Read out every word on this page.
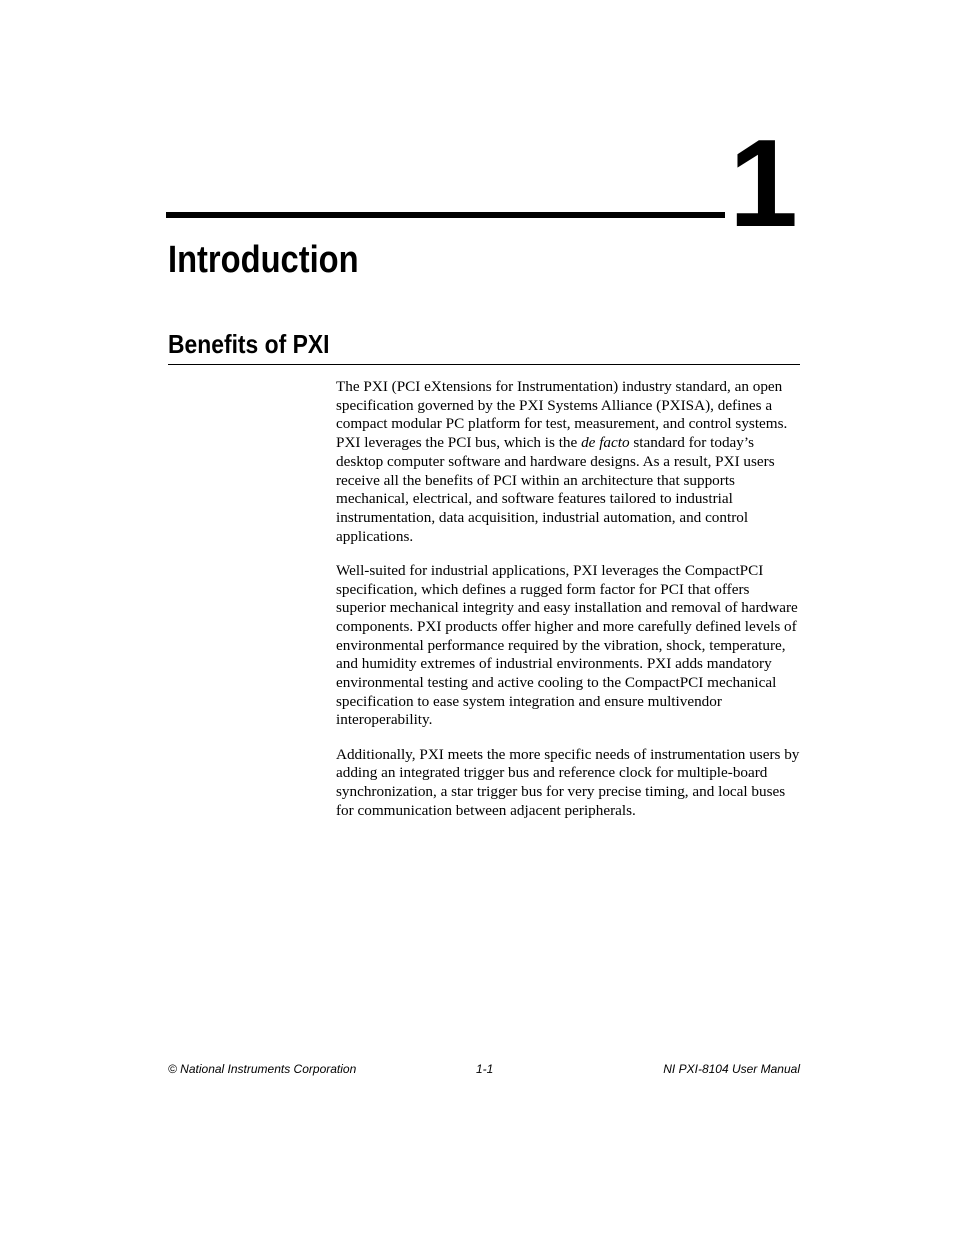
1
Introduction
Benefits of PXI

The PXI (PCI eXtensions for Instrumentation) industry standard, an open specification governed by the PXI Systems Alliance (PXISA), defines a compact modular PC platform for test, measurement, and control systems. PXI leverages the PCI bus, which is the de facto standard for today’s desktop computer software and hardware designs. As a result, PXI users receive all the benefits of PCI within an architecture that supports mechanical, electrical, and software features tailored to industrial instrumentation, data acquisition, industrial automation, and control applications.

Well-suited for industrial applications, PXI leverages the CompactPCI specification, which defines a rugged form factor for PCI that offers superior mechanical integrity and easy installation and removal of hardware components. PXI products offer higher and more carefully defined levels of environmental performance required by the vibration, shock, temperature, and humidity extremes of industrial environments. PXI adds mandatory environmental testing and active cooling to the CompactPCI mechanical specification to ease system integration and ensure multivendor interoperability.

Additionally, PXI meets the more specific needs of instrumentation users by adding an integrated trigger bus and reference clock for multiple-board synchronization, a star trigger bus for very precise timing, and local buses for communication between adjacent peripherals.

© National Instruments Corporation	1-1	NI PXI-8104 User Manual
